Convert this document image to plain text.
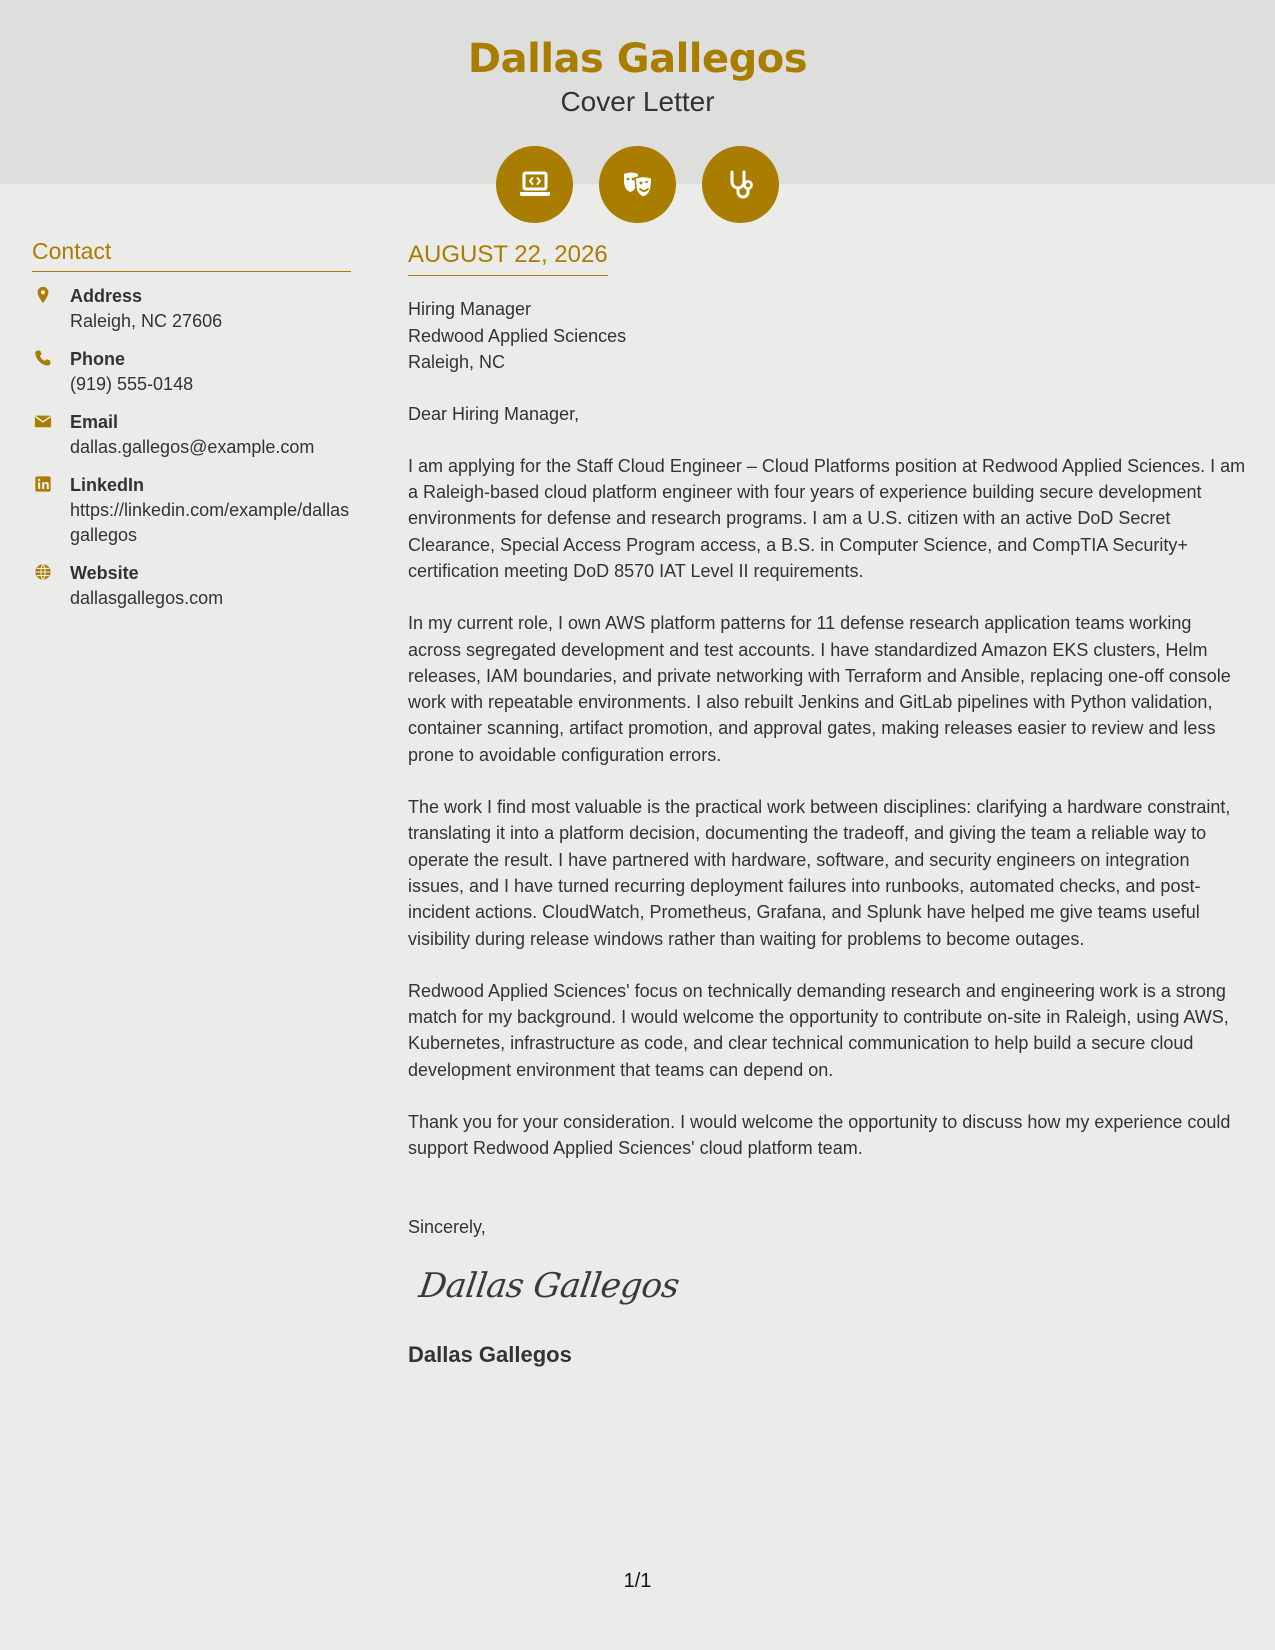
Dallas Gallegos
Cover Letter
Contact
Address
Raleigh, NC 27606
Phone
(919) 555-0148
Email
dallas.gallegos@example.com
LinkedIn
https://linkedin.com/example/dallasgallegos
Website
dallasgallegos.com
AUGUST 22, 2026
Hiring Manager
Redwood Applied Sciences
Raleigh, NC
Dear Hiring Manager,
I am applying for the Staff Cloud Engineer – Cloud Platforms position at Redwood Applied Sciences. I am a Raleigh-based cloud platform engineer with four years of experience building secure development environments for defense and research programs. I am a U.S. citizen with an active DoD Secret Clearance, Special Access Program access, a B.S. in Computer Science, and CompTIA Security+ certification meeting DoD 8570 IAT Level II requirements.
In my current role, I own AWS platform patterns for 11 defense research application teams working across segregated development and test accounts. I have standardized Amazon EKS clusters, Helm releases, IAM boundaries, and private networking with Terraform and Ansible, replacing one-off console work with repeatable environments. I also rebuilt Jenkins and GitLab pipelines with Python validation, container scanning, artifact promotion, and approval gates, making releases easier to review and less prone to avoidable configuration errors.
The work I find most valuable is the practical work between disciplines: clarifying a hardware constraint, translating it into a platform decision, documenting the tradeoff, and giving the team a reliable way to operate the result. I have partnered with hardware, software, and security engineers on integration issues, and I have turned recurring deployment failures into runbooks, automated checks, and post-incident actions. CloudWatch, Prometheus, Grafana, and Splunk have helped me give teams useful visibility during release windows rather than waiting for problems to become outages.
Redwood Applied Sciences' focus on technically demanding research and engineering work is a strong match for my background. I would welcome the opportunity to contribute on-site in Raleigh, using AWS, Kubernetes, infrastructure as code, and clear technical communication to help build a secure cloud development environment that teams can depend on.
Thank you for your consideration. I would welcome the opportunity to discuss how my experience could support Redwood Applied Sciences' cloud platform team.
Sincerely,
Dallas Gallegos
Dallas Gallegos
1/1
